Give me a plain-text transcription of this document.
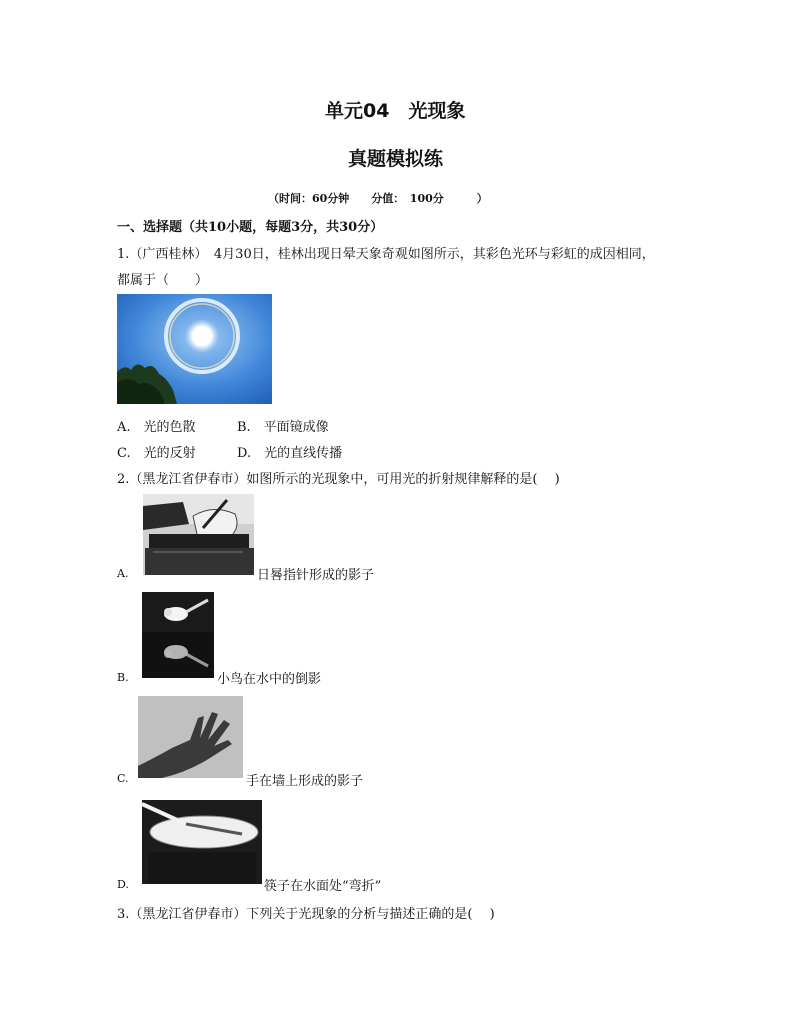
单元04　光现象
真题模拟练
（时间：60分钟　　分值：　100分　　　）
一、选择题（共10小题，每题3分，共30分）
1.（广西桂林）　4月30日，桂林出现日晕天象奇观如图所示，其彩色光环与彩虹的成因相同，
都属于（　　）
A.　光的色散	B.　平面镜成像
C.　光的反射	D.　光的直线传播
2.（黑龙江省伊春市）如图所示的光现象中，可用光的折射规律解释的是(　 )
A.	日晷指针形成的影子
B.	小鸟在水中的倒影
C.	手在墙上形成的影子
D.	筷子在水面处“弯折”
3.（黑龙江省伊春市）下列关于光现象的分析与描述正确的是(　 )
